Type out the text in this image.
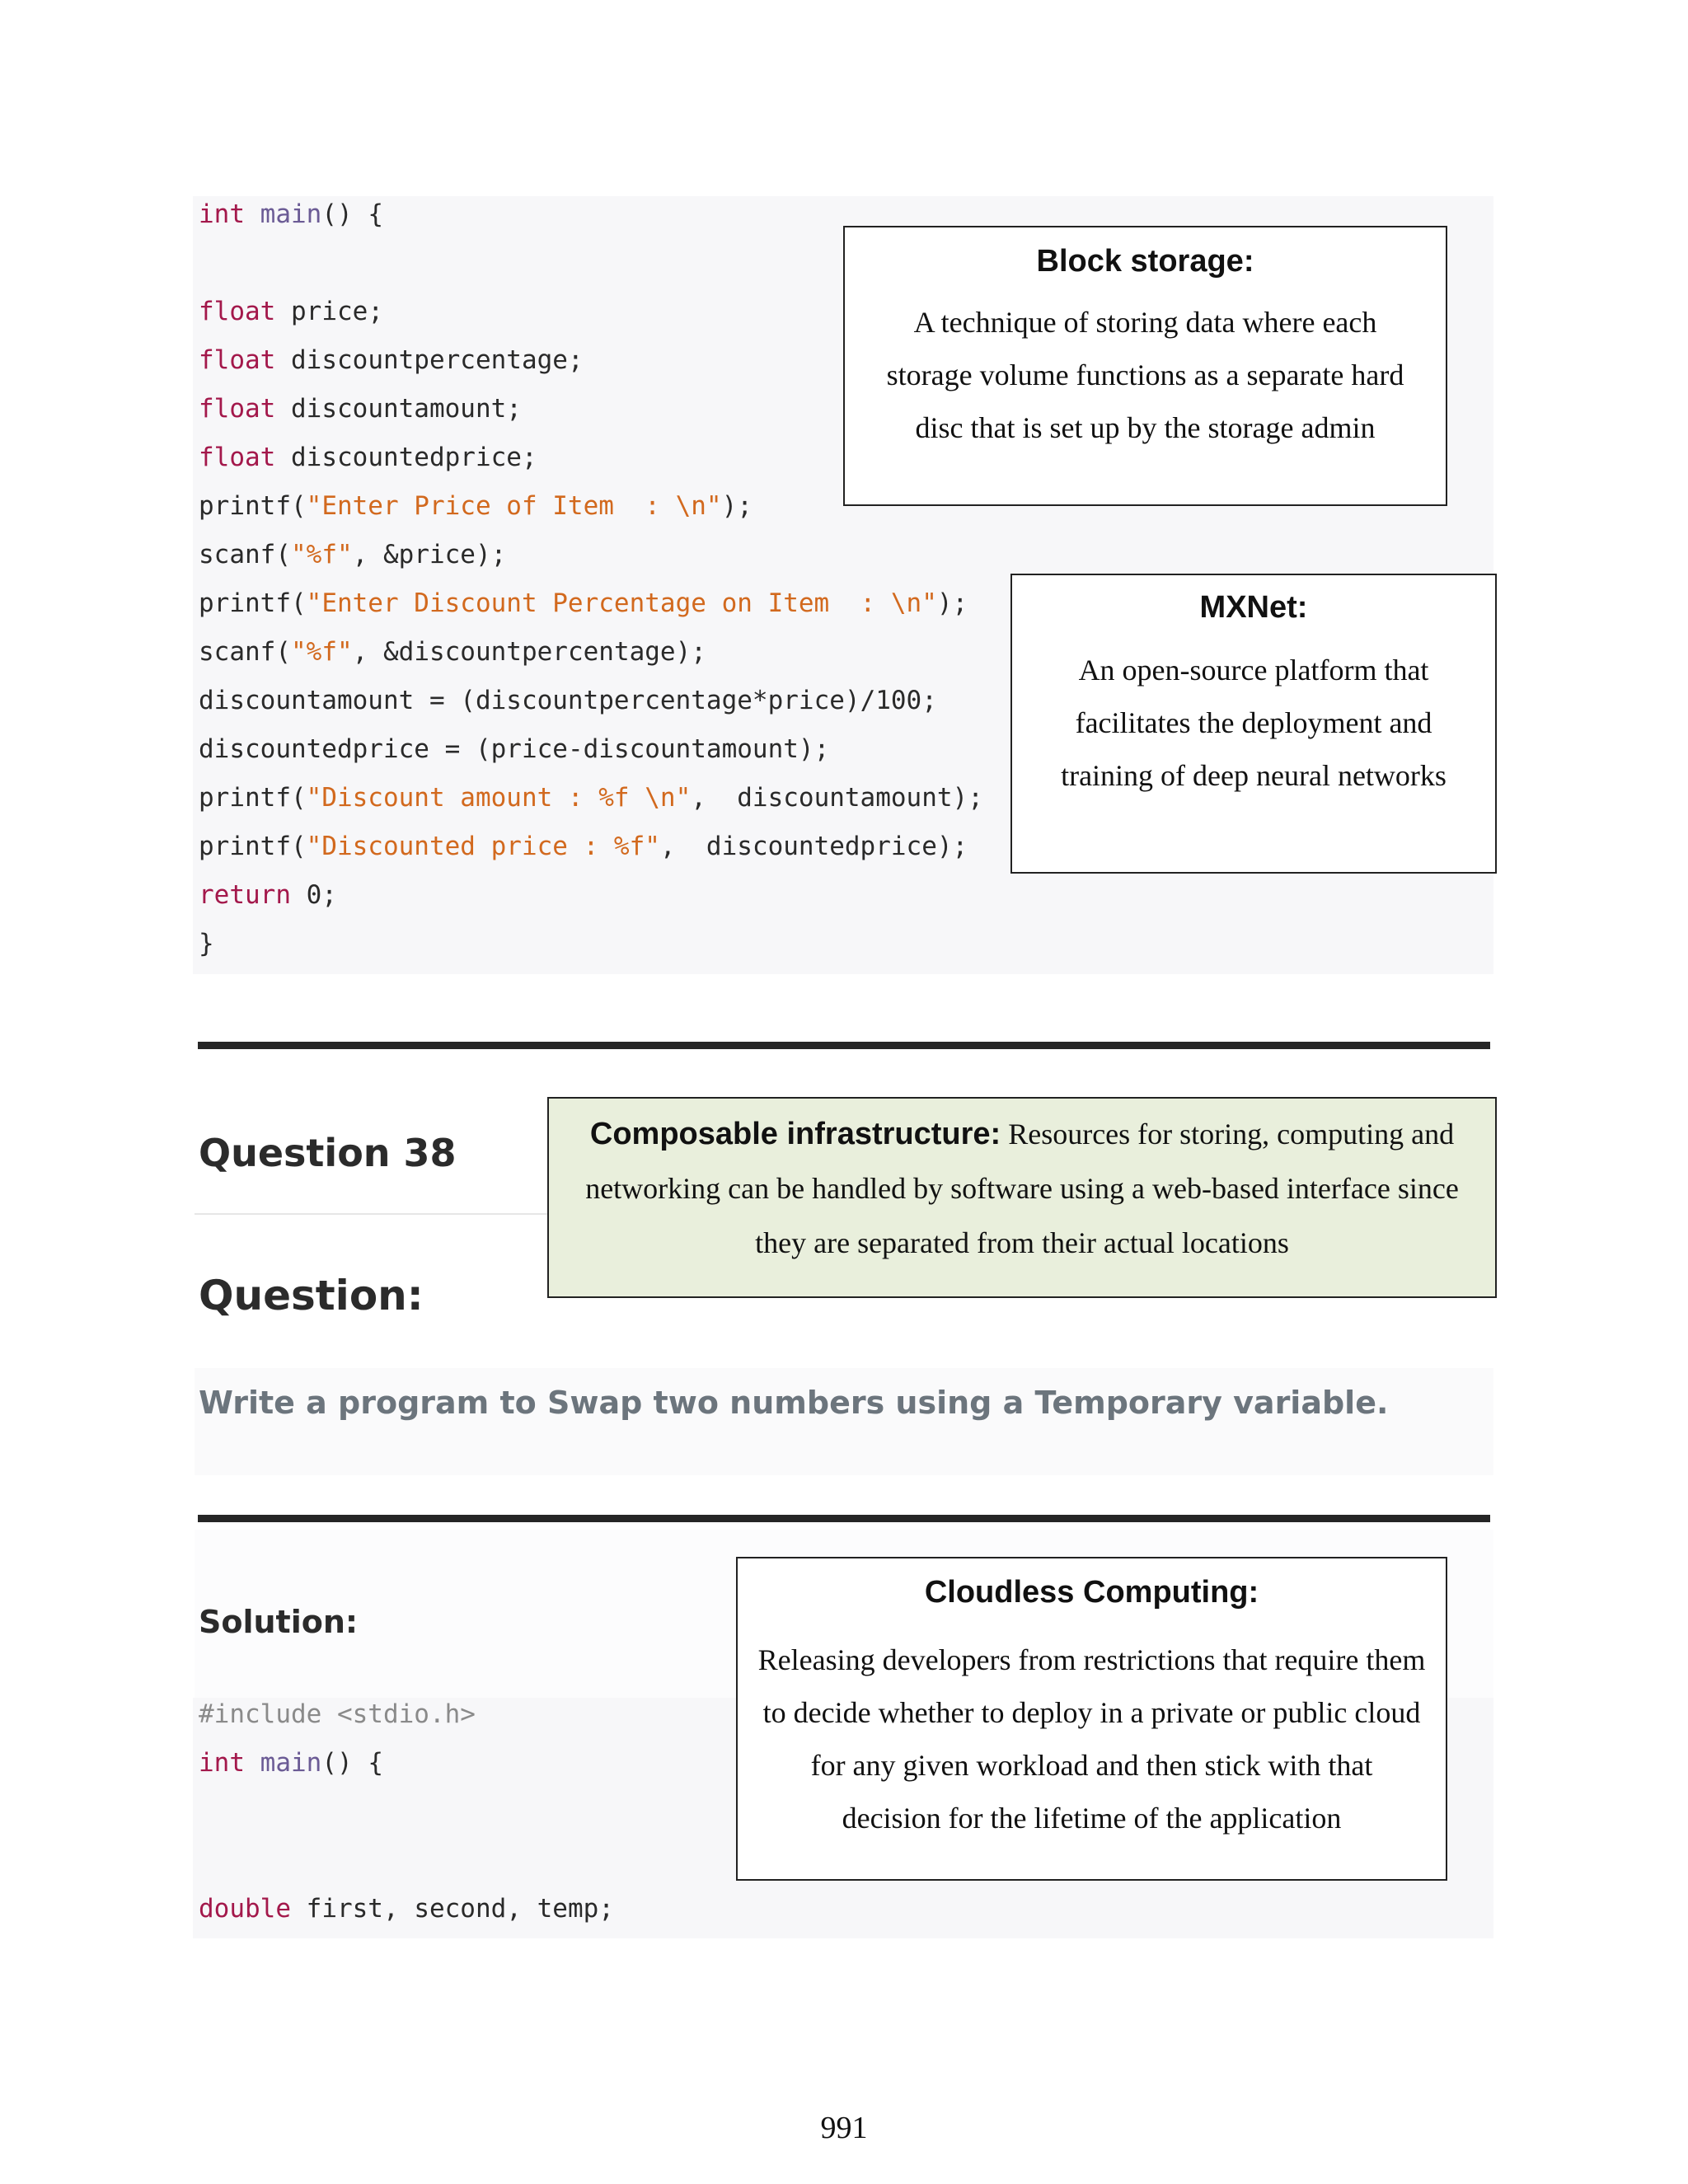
int main() {
float price;
float discountpercentage;
float discountamount;
float discountedprice;
printf("Enter Price of Item  : \n");
scanf("%f", &price);
printf("Enter Discount Percentage on Item  : \n");
scanf("%f", &discountpercentage);
discountamount = (discountpercentage*price)/100;
discountedprice = (price-discountamount);
printf("Discount amount : %f \n",  discountamount);
printf("Discounted price : %f",  discountedprice);
return 0;
}
Block storage:
A technique of storing data where each storage volume functions as a separate hard disc that is set up by the storage admin
MXNet:
An open-source platform that facilitates the deployment and training of deep neural networks
Question 38
Question:
Composable infrastructure: Resources for storing, computing and networking can be handled by software using a web-based interface since they are separated from their actual locations
Write a program to Swap two numbers using a Temporary variable.
Solution:
#include <stdio.h>
int main() {
double first, second, temp;
Cloudless Computing:
Releasing developers from restrictions that require them to decide whether to deploy in a private or public cloud for any given workload and then stick with that decision for the lifetime of the application
991
